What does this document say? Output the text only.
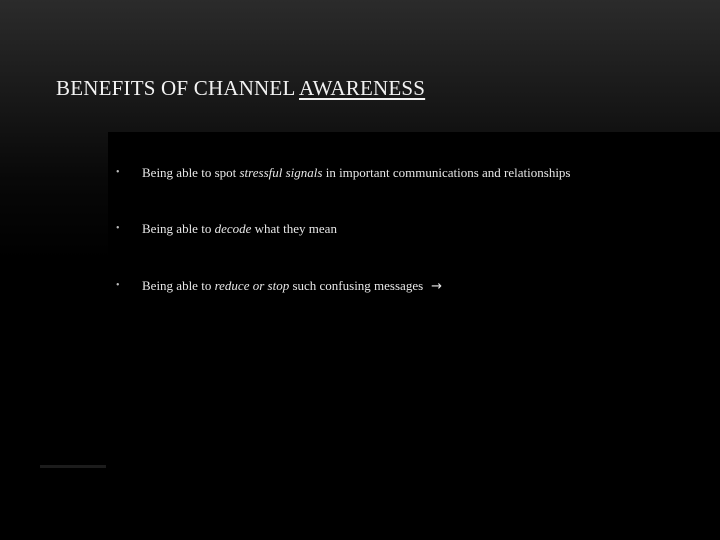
BENEFITS OF CHANNEL AWARENESS
• Being able to spot stressful signals in important communications and relationships
• Being able to decode what they mean
• Being able to reduce or stop such confusing messages →
